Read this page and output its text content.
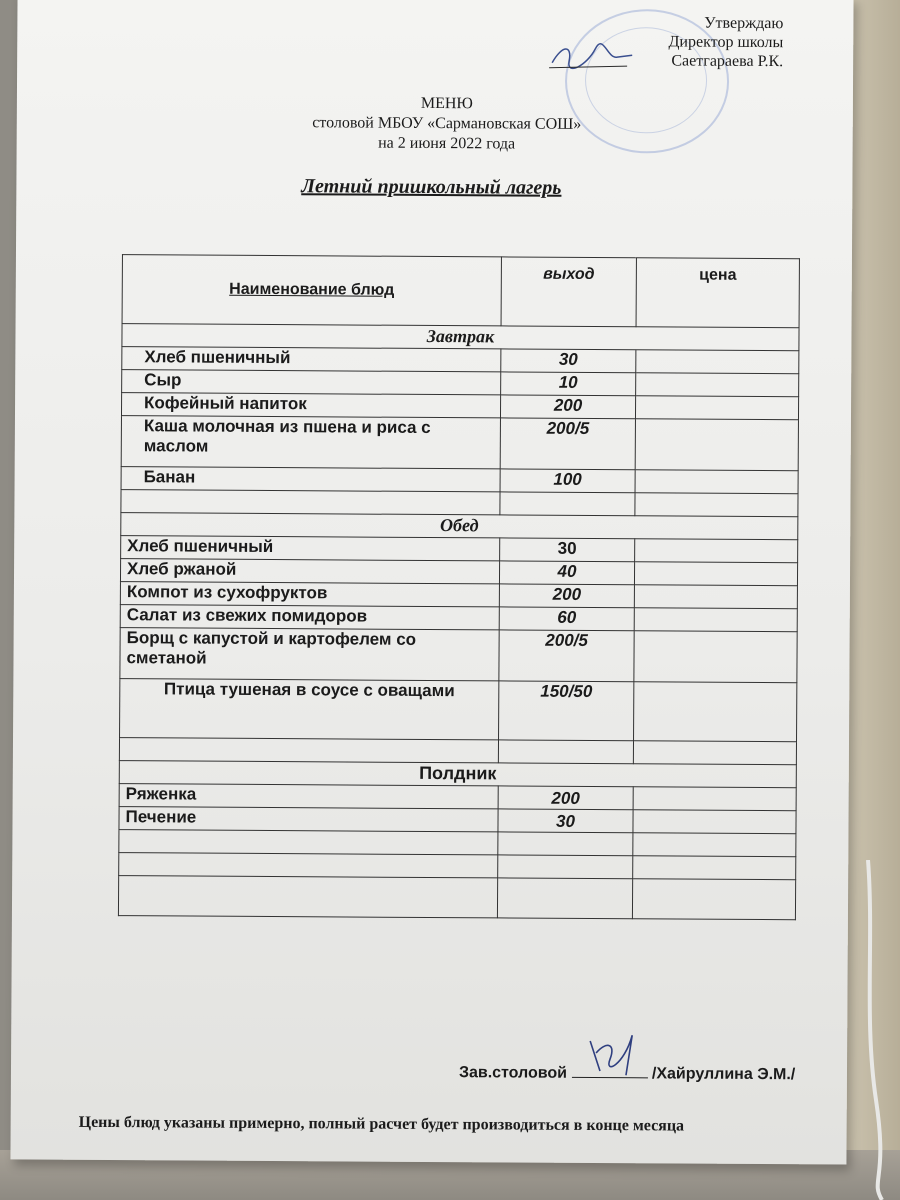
Утверждаю
Директор школы
Саетгараева Р.К.
МЕНЮ
столовой МБОУ «Сармановская СОШ»
на 2 июня 2022 года
Летний пришкольный лагерь
Наименование блюд	выход	цена
Завтрак		
Хлеб пшеничный	30	
Сыр	10	
Кофейный напиток	200	
Каша молочная из пшена и риса с маслом	200/5	
Банан	100	

Обед		
Хлеб пшеничный	30	
Хлеб ржаной	40	
Компот из сухофруктов	200	
Салат из свежих помидоров	60	
Борщ с капустой и картофелем со сметаной	200/5	
Птица тушеная в соусе с оващами	150/50	

Полдник		
Ряженка	200	
Печение	30	

Зав.столовой	/Хайруллина Э.М./
Цены блюд указаны примерно, полный расчет будет производиться в конце месяца
